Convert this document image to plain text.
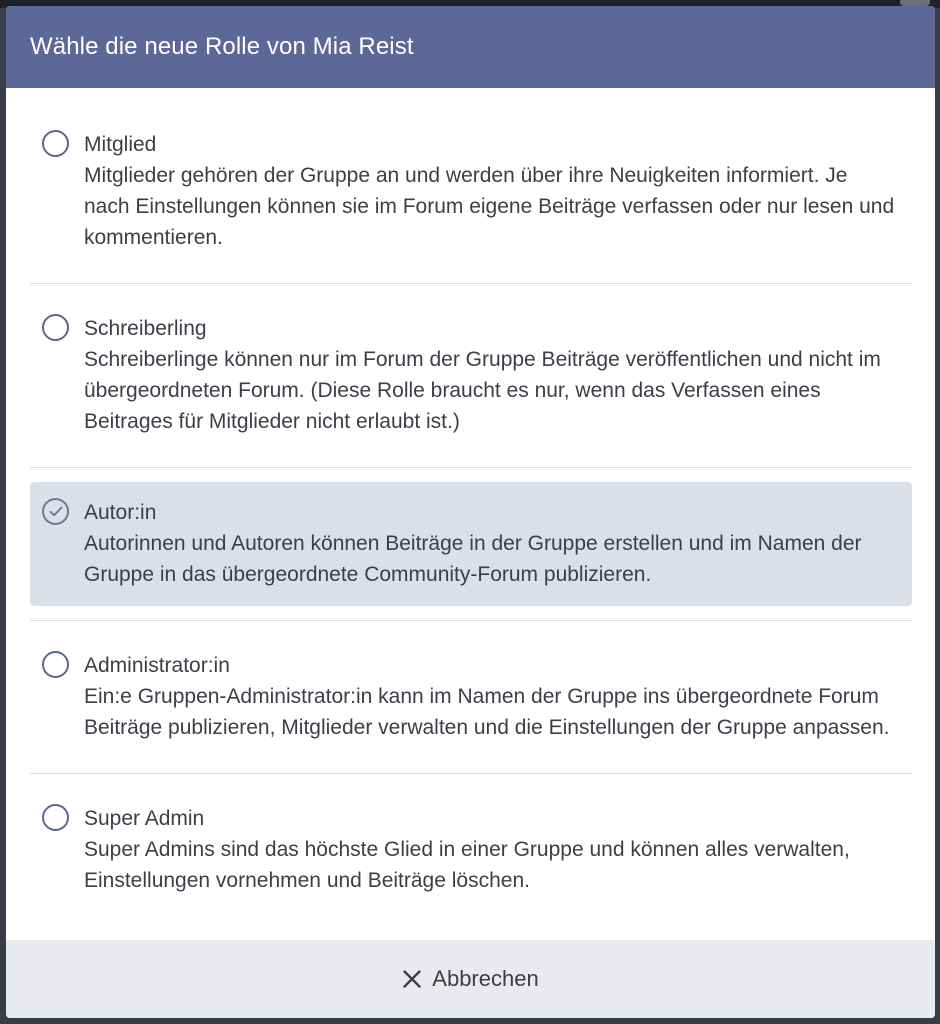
Wähle die neue Rolle von Mia Reist
Mitglied
Mitglieder gehören der Gruppe an und werden über ihre Neuigkeiten informiert. Je nach Einstellungen können sie im Forum eigene Beiträge verfassen oder nur lesen und kommentieren.
Schreiberling
Schreiberlinge können nur im Forum der Gruppe Beiträge veröffentlichen und nicht im übergeordneten Forum. (Diese Rolle braucht es nur, wenn das Verfassen eines Beitrages für Mitglieder nicht erlaubt ist.)
Autor:in
Autorinnen und Autoren können Beiträge in der Gruppe erstellen und im Namen der Gruppe in das übergeordnete Community-Forum publizieren.
Administrator:in
Ein:e Gruppen-Administrator:in kann im Namen der Gruppe ins übergeordnete Forum Beiträge publizieren, Mitglieder verwalten und die Einstellungen der Gruppe anpassen.
Super Admin
Super Admins sind das höchste Glied in einer Gruppe und können alles verwalten, Einstellungen vornehmen und Beiträge löschen.
Abbrechen
